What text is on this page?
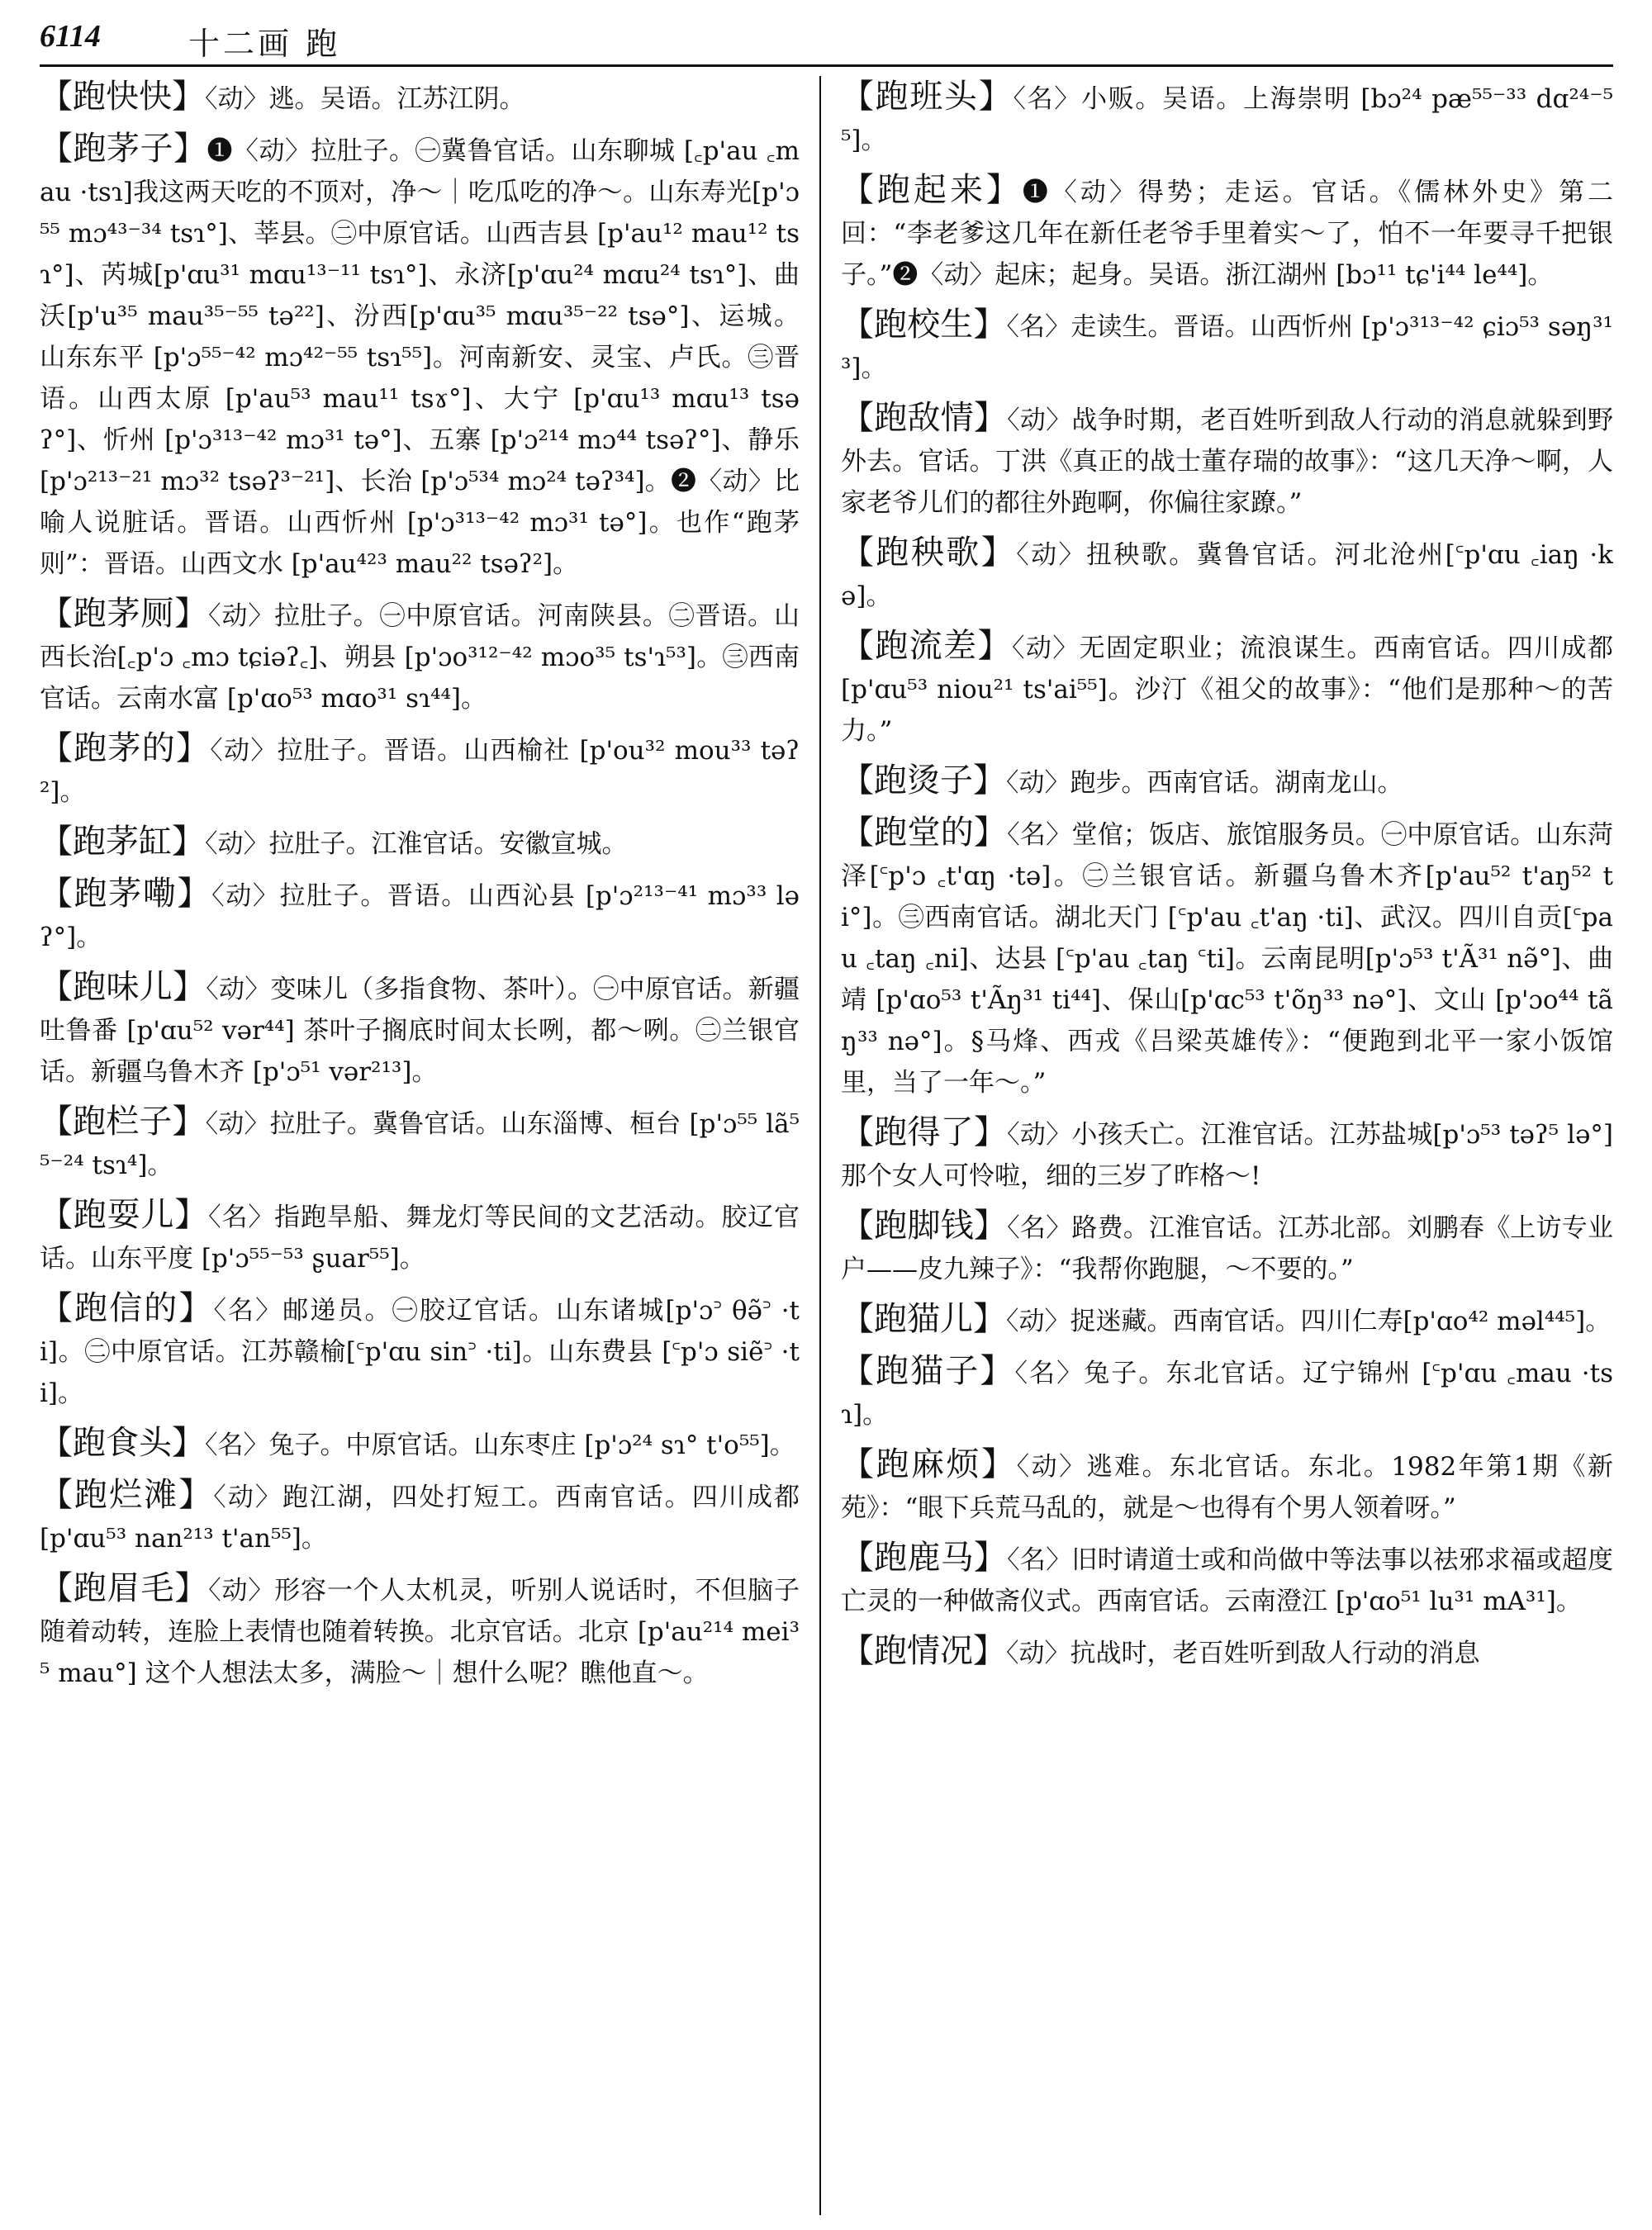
6114	十二画 跑

【跑快快】〈动〉逃。吴语。江苏江阴。

【跑茅子】❶〈动〉拉肚子。㊀冀鲁官话。山东聊城 [꜀p'au ꜀mau ·tsɿ]我这两天吃的不顶对，净～｜吃瓜吃的净～。山东寿光[p'ɔ⁵⁵ mɔ⁴³⁻³⁴ tsɿ°]、莘县。㊁中原官话。山西吉县 [p'au¹² mau¹² tsɿ°]、芮城[p'ɑu³¹ mɑu¹³⁻¹¹ tsɿ°]、永济[p'ɑu²⁴ mɑu²⁴ tsɿ°]、曲沃[p'u³⁵ mau³⁵⁻⁵⁵ tə²²]、汾西[p'ɑu³⁵ mɑu³⁵⁻²² tsə°]、运城。山东东平 [p'ɔ⁵⁵⁻⁴² mɔ⁴²⁻⁵⁵ tsɿ⁵⁵]。河南新安、灵宝、卢氏。㊂晋语。山西太原 [p'au⁵³ mau¹¹ tsɤ°]、大宁 [p'ɑu¹³ mɑu¹³ tsəʔ°]、忻州 [p'ɔ³¹³⁻⁴² mɔ³¹ tə°]、五寨 [p'ɔ²¹⁴ mɔ⁴⁴ tsəʔ°]、静乐 [p'ɔ²¹³⁻²¹ mɔ³² tsəʔ³⁻²¹]、长治 [p'ɔ⁵³⁴ mɔ²⁴ təʔ³⁴]。❷〈动〉比喻人说脏话。晋语。山西忻州 [p'ɔ³¹³⁻⁴² mɔ³¹ tə°]。也作“跑茅则”：晋语。山西文水 [p'au⁴²³ mau²² tsəʔ²]。

【跑茅厕】〈动〉拉肚子。㊀中原官话。河南陕县。㊁晋语。山西长治[꜀p'ɔ ꜀mɔ tɕiəʔ꜀]、朔县 [p'ɔo³¹²⁻⁴² mɔo³⁵ ts'ɿ⁵³]。㊂西南官话。云南水富 [p'ɑo⁵³ mɑo³¹ sɿ⁴⁴]。

【跑茅的】〈动〉拉肚子。晋语。山西榆社 [p'ou³² mou³³ təʔ²]。

【跑茅缸】〈动〉拉肚子。江淮官话。安徽宣城。

【跑茅嘞】〈动〉拉肚子。晋语。山西沁县 [p'ɔ²¹³⁻⁴¹ mɔ³³ ləʔ°]。

【跑味儿】〈动〉变味儿（多指食物、茶叶）。㊀中原官话。新疆吐鲁番 [p'ɑu⁵² vər⁴⁴] 茶叶子搁底时间太长咧，都～咧。㊁兰银官话。新疆乌鲁木齐 [p'ɔ⁵¹ vər²¹³]。

【跑栏子】〈动〉拉肚子。冀鲁官话。山东淄博、桓台 [p'ɔ⁵⁵ lã⁵⁵⁻²⁴ tsɿ⁴]。

【跑耍儿】〈名〉指跑旱船、舞龙灯等民间的文艺活动。胶辽官话。山东平度 [p'ɔ⁵⁵⁻⁵³ ʂuar⁵⁵]。

【跑信的】〈名〉邮递员。㊀胶辽官话。山东诸城[p'ɔ꜄ θə̃꜄ ·ti]。㊁中原官话。江苏赣榆[꜂p'ɑu sin꜄ ·ti]。山东费县 [꜂p'ɔ siẽ꜄ ·ti]。

【跑食头】〈名〉兔子。中原官话。山东枣庄 [p'ɔ²⁴ sɿ° t'o⁵⁵]。

【跑烂滩】〈动〉跑江湖，四处打短工。西南官话。四川成都 [p'ɑu⁵³ nan²¹³ t'an⁵⁵]。

【跑眉毛】〈动〉形容一个人太机灵，听别人说话时，不但脑子随着动转，连脸上表情也随着转换。北京官话。北京 [p'au²¹⁴ mei³⁵ mau°] 这个人想法太多，满脸～｜想什么呢？瞧他直～。

【跑班头】〈名〉小贩。吴语。上海崇明 [bɔ²⁴ pæ⁵⁵⁻³³ dɑ²⁴⁻⁵⁵]。

【跑起来】❶〈动〉得势；走运。官话。《儒林外史》第二回：“李老爹这几年在新任老爷手里着实～了，怕不一年要寻千把银子。”❷〈动〉起床；起身。吴语。浙江湖州 [bɔ¹¹ tɕ'i⁴⁴ le⁴⁴]。

【跑校生】〈名〉走读生。晋语。山西忻州 [p'ɔ³¹³⁻⁴² ɕiɔ⁵³ səŋ³¹³]。

【跑敌情】〈动〉战争时期，老百姓听到敌人行动的消息就躲到野外去。官话。丁洪《真正的战士董存瑞的故事》：“这几天净～啊，人家老爷儿们的都往外跑啊，你偏往家蹽。”

【跑秧歌】〈动〉扭秧歌。冀鲁官话。河北沧州[꜂p'ɑu ꜀iaŋ ·kə]。

【跑流差】〈动〉无固定职业；流浪谋生。西南官话。四川成都 [p'ɑu⁵³ niou²¹ ts'ai⁵⁵]。沙汀《祖父的故事》：“他们是那种～的苦力。”

【跑烫子】〈动〉跑步。西南官话。湖南龙山。

【跑堂的】〈名〉堂倌；饭店、旅馆服务员。㊀中原官话。山东菏泽[꜂p'ɔ ꜀t'ɑŋ ·tə]。㊁兰银官话。新疆乌鲁木齐[p'au⁵² t'aŋ⁵² ti°]。㊂西南官话。湖北天门 [꜂p'au ꜀t'aŋ ·ti]、武汉。四川自贡[꜂pau ꜀taŋ ꜀ni]、达县 [꜂p'au ꜀taŋ ꜂ti]。云南昆明[p'ɔ⁵³ t'Ã³¹ nə̃°]、曲靖 [p'ɑo⁵³ t'Ãŋ³¹ ti⁴⁴]、保山[p'ɑc⁵³ t'õŋ³³ nə°]、文山 [p'ɔo⁴⁴ tãŋ³³ nə°]。§马烽、西戎《吕梁英雄传》：“便跑到北平一家小饭馆里，当了一年～。”

【跑得了】〈动〉小孩夭亡。江淮官话。江苏盐城[p'ɔ⁵³ təʔ⁵ lə°] 那个女人可怜啦，细的三岁了昨格～!

【跑脚钱】〈名〉路费。江淮官话。江苏北部。刘鹏春《上访专业户——皮九辣子》：“我帮你跑腿，～不要的。”

【跑猫儿】〈动〉捉迷藏。西南官话。四川仁寿[p'ɑo⁴² məl⁴⁴⁵]。

【跑猫子】〈名〉兔子。东北官话。辽宁锦州 [꜂p'ɑu ꜀mau ·tsɿ]。

【跑麻烦】〈动〉逃难。东北官话。东北。1982年第1期《新苑》：“眼下兵荒马乱的，就是～也得有个男人领着呀。”

【跑鹿马】〈名〉旧时请道士或和尚做中等法事以祛邪求福或超度亡灵的一种做斋仪式。西南官话。云南澄江 [p'ɑo⁵¹ lu³¹ mA³¹]。

【跑情况】〈动〉抗战时，老百姓听到敌人行动的消息
